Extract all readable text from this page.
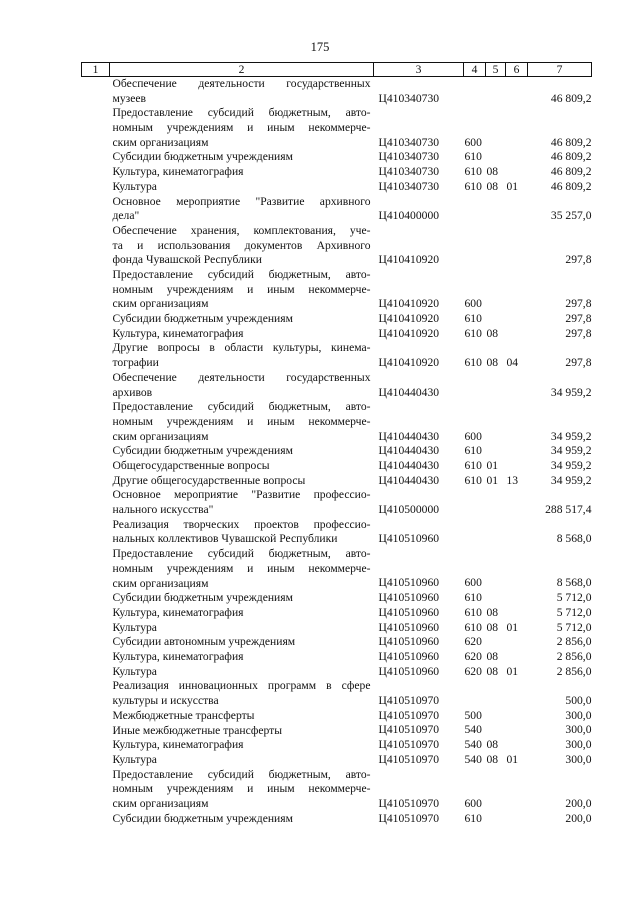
175
1	2	3	4	5	6	7

	Обеспечение деятельности государственных
музеев	Ц410340730				46 809,2

	Предоставление субсидий бюджетным, авто-
номным учреждениям и иным некоммерче-
ским организациям	Ц410340730	600			46 809,2

	Субсидии бюджетным учреждениям	Ц410340730	610			46 809,2

	Культура, кинематография	Ц410340730	610	08		46 809,2

	Культура	Ц410340730	610	08	01	46 809,2

	Основное мероприятие "Развитие архивного
дела"	Ц410400000				35 257,0

	Обеспечение хранения, комплектования, уче-
та и использования документов Архивного
фонда Чувашской Республики	Ц410410920				297,8

	Предоставление субсидий бюджетным, авто-
номным учреждениям и иным некоммерче-
ским организациям	Ц410410920	600			297,8

	Субсидии бюджетным учреждениям	Ц410410920	610			297,8

	Культура, кинематография	Ц410410920	610	08		297,8

	Другие вопросы в области культуры, кинема-
тографии	Ц410410920	610	08	04	297,8

	Обеспечение деятельности государственных
архивов	Ц410440430				34 959,2

	Предоставление субсидий бюджетным, авто-
номным учреждениям и иным некоммерче-
ским организациям	Ц410440430	600			34 959,2

	Субсидии бюджетным учреждениям	Ц410440430	610			34 959,2

	Общегосударственные вопросы	Ц410440430	610	01		34 959,2

	Другие общегосударственные вопросы	Ц410440430	610	01	13	34 959,2

	Основное мероприятие "Развитие профессио-
нального искусства"	Ц410500000				288 517,4

	Реализация творческих проектов профессио-
нальных коллективов Чувашской Республики	Ц410510960				8 568,0

	Предоставление субсидий бюджетным, авто-
номным учреждениям и иным некоммерче-
ским организациям	Ц410510960	600			8 568,0

	Субсидии бюджетным учреждениям	Ц410510960	610			5 712,0

	Культура, кинематография	Ц410510960	610	08		5 712,0

	Культура	Ц410510960	610	08	01	5 712,0

	Субсидии автономным учреждениям	Ц410510960	620			2 856,0

	Культура, кинематография	Ц410510960	620	08		2 856,0

	Культура	Ц410510960	620	08	01	2 856,0

	Реализация инновационных программ в сфере
культуры и искусства	Ц410510970				500,0

	Межбюджетные трансферты	Ц410510970	500			300,0

	Иные межбюджетные трансферты	Ц410510970	540			300,0

	Культура, кинематография	Ц410510970	540	08		300,0

	Культура	Ц410510970	540	08	01	300,0

	Предоставление субсидий бюджетным, авто-
номным учреждениям и иным некоммерче-
ским организациям	Ц410510970	600			200,0

	Субсидии бюджетным учреждениям	Ц410510970	610			200,0
